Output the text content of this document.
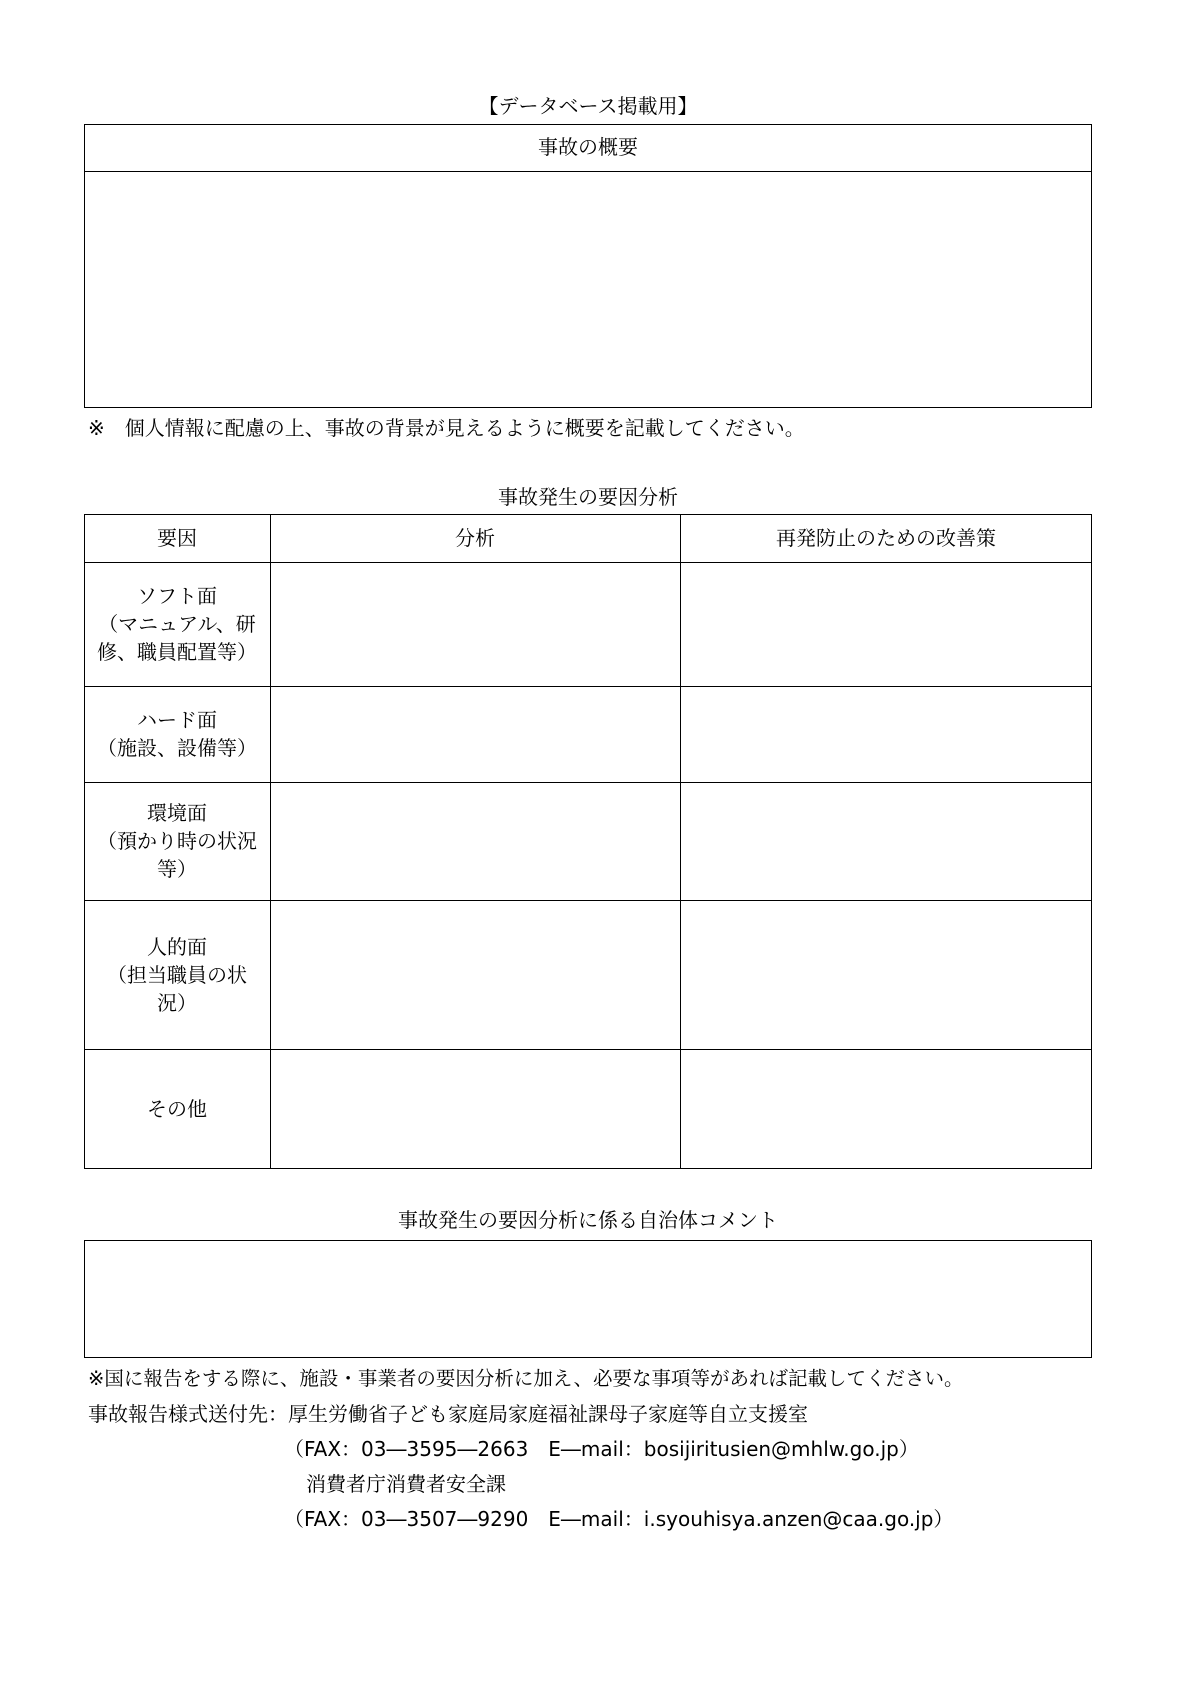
【データベース掲載用】
事故の概要
※　個人情報に配慮の上、事故の背景が見えるように概要を記載してください。
事故発生の要因分析
要因	分析	再発防止のための改善策
ソフト面
（マニュアル、研
修、職員配置等）
ハード面
（施設、設備等）
環境面
（預かり時の状況
等）
人的面
（担当職員の状
況）
その他
事故発生の要因分析に係る自治体コメント
※国に報告をする際に、施設・事業者の要因分析に加え、必要な事項等があれば記載してください。
事故報告様式送付先：厚生労働省子ども家庭局家庭福祉課母子家庭等自立支援室
（FAX：03―3595―2663　E―mail：bosijiritusien@mhlw.go.jp）
消費者庁消費者安全課
（FAX：03―3507―9290　E―mail：i.syouhisya.anzen@caa.go.jp）
